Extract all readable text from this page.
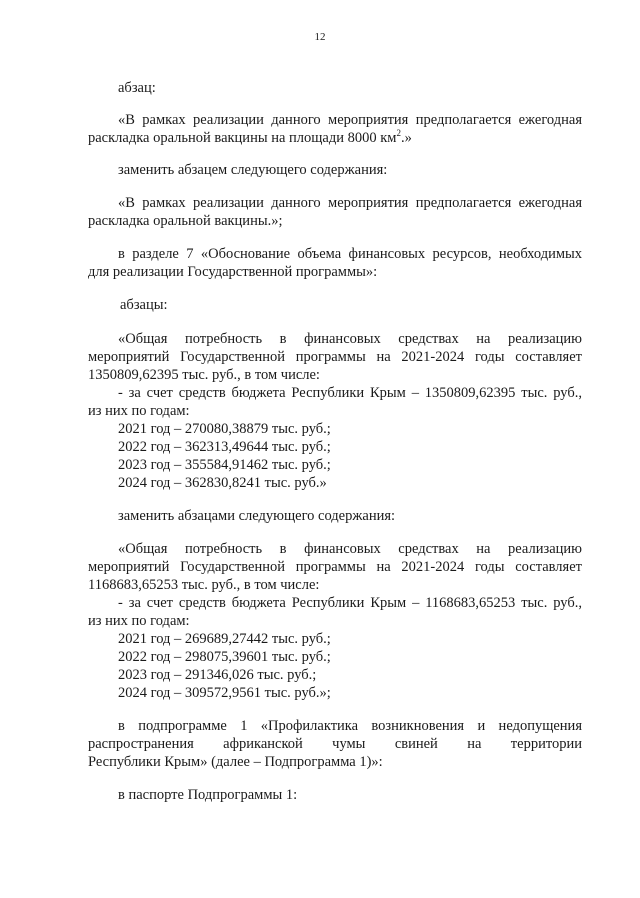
12
абзац:
«В рамках реализации данного мероприятия предполагается ежегодная
раскладка оральной вакцины на площади 8000 $км^2$.»
заменить абзацем следующего содержания:
«В рамках реализации данного мероприятия предполагается ежегодная
раскладка оральной вакцины.»;
в разделе 7 «Обоснование объема финансовых ресурсов, необходимых
для реализации Государственной программы»:
абзацы:
«Общая потребность в финансовых средствах на реализацию
мероприятий Государственной программы на 2021-2024 годы составляет
1350809,62395 тыс. руб., в том числе:
- за счет средств бюджета Республики Крым – 1350809,62395 тыс. руб.,
из них по годам:
2021 год – 270080,38879 тыс. руб.;
2022 год – 362313,49644 тыс. руб.;
2023 год – 355584,91462 тыс. руб.;
2024 год – 362830,8241 тыс. руб.»
заменить абзацами следующего содержания:
«Общая потребность в финансовых средствах на реализацию
мероприятий Государственной программы на 2021-2024 годы составляет
1168683,65253 тыс. руб., в том числе:
- за счет средств бюджета Республики Крым – 1168683,65253 тыс. руб.,
из них по годам:
2021 год – 269689,27442 тыс. руб.;
2022 год – 298075,39601 тыс. руб.;
2023 год – 291346,026 тыс. руб.;
2024 год – 309572,9561 тыс. руб.»;
в подпрограмме 1 «Профилактика возникновения и недопущения
распространения африканской чумы свиней на территории
Республики Крым» (далее – Подпрограмма 1)»:
в паспорте Подпрограммы 1:
